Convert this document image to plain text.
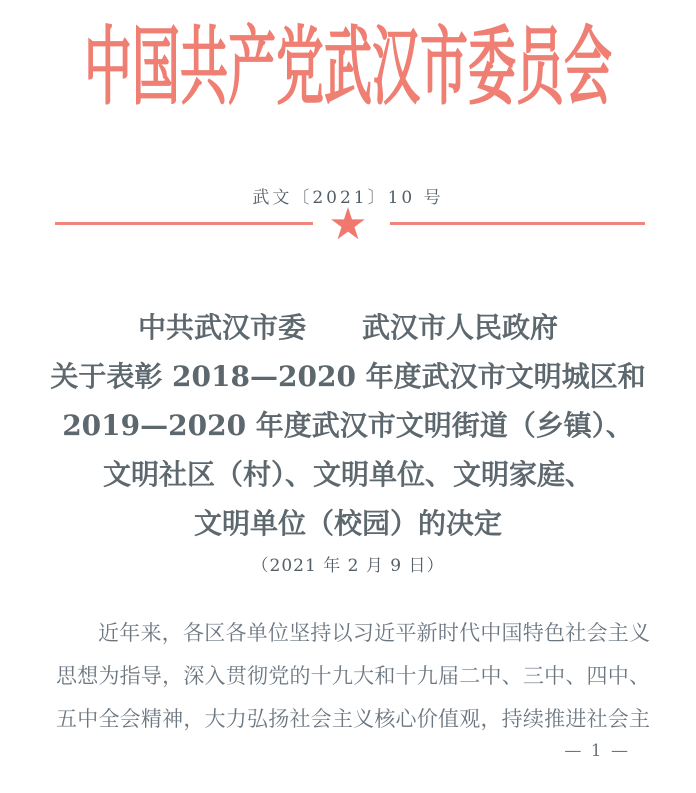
中国共产党武汉市委员会
武文〔2021〕10 号
★
中共武汉市委　　武汉市人民政府
关于表彰 2018—2020 年度武汉市文明城区和
2019—2020 年度武汉市文明街道（乡镇）、
文明社区（村）、文明单位、文明家庭、
文明单位（校园）的决定
（2021 年 2 月 9 日）

近年来，各区各单位坚持以习近平新时代中国特色社会主义

思想为指导，深入贯彻党的十九大和十九届二中、三中、四中、

五中全会精神，大力弘扬社会主义核心价值观，持续推进社会主

— 1 —
